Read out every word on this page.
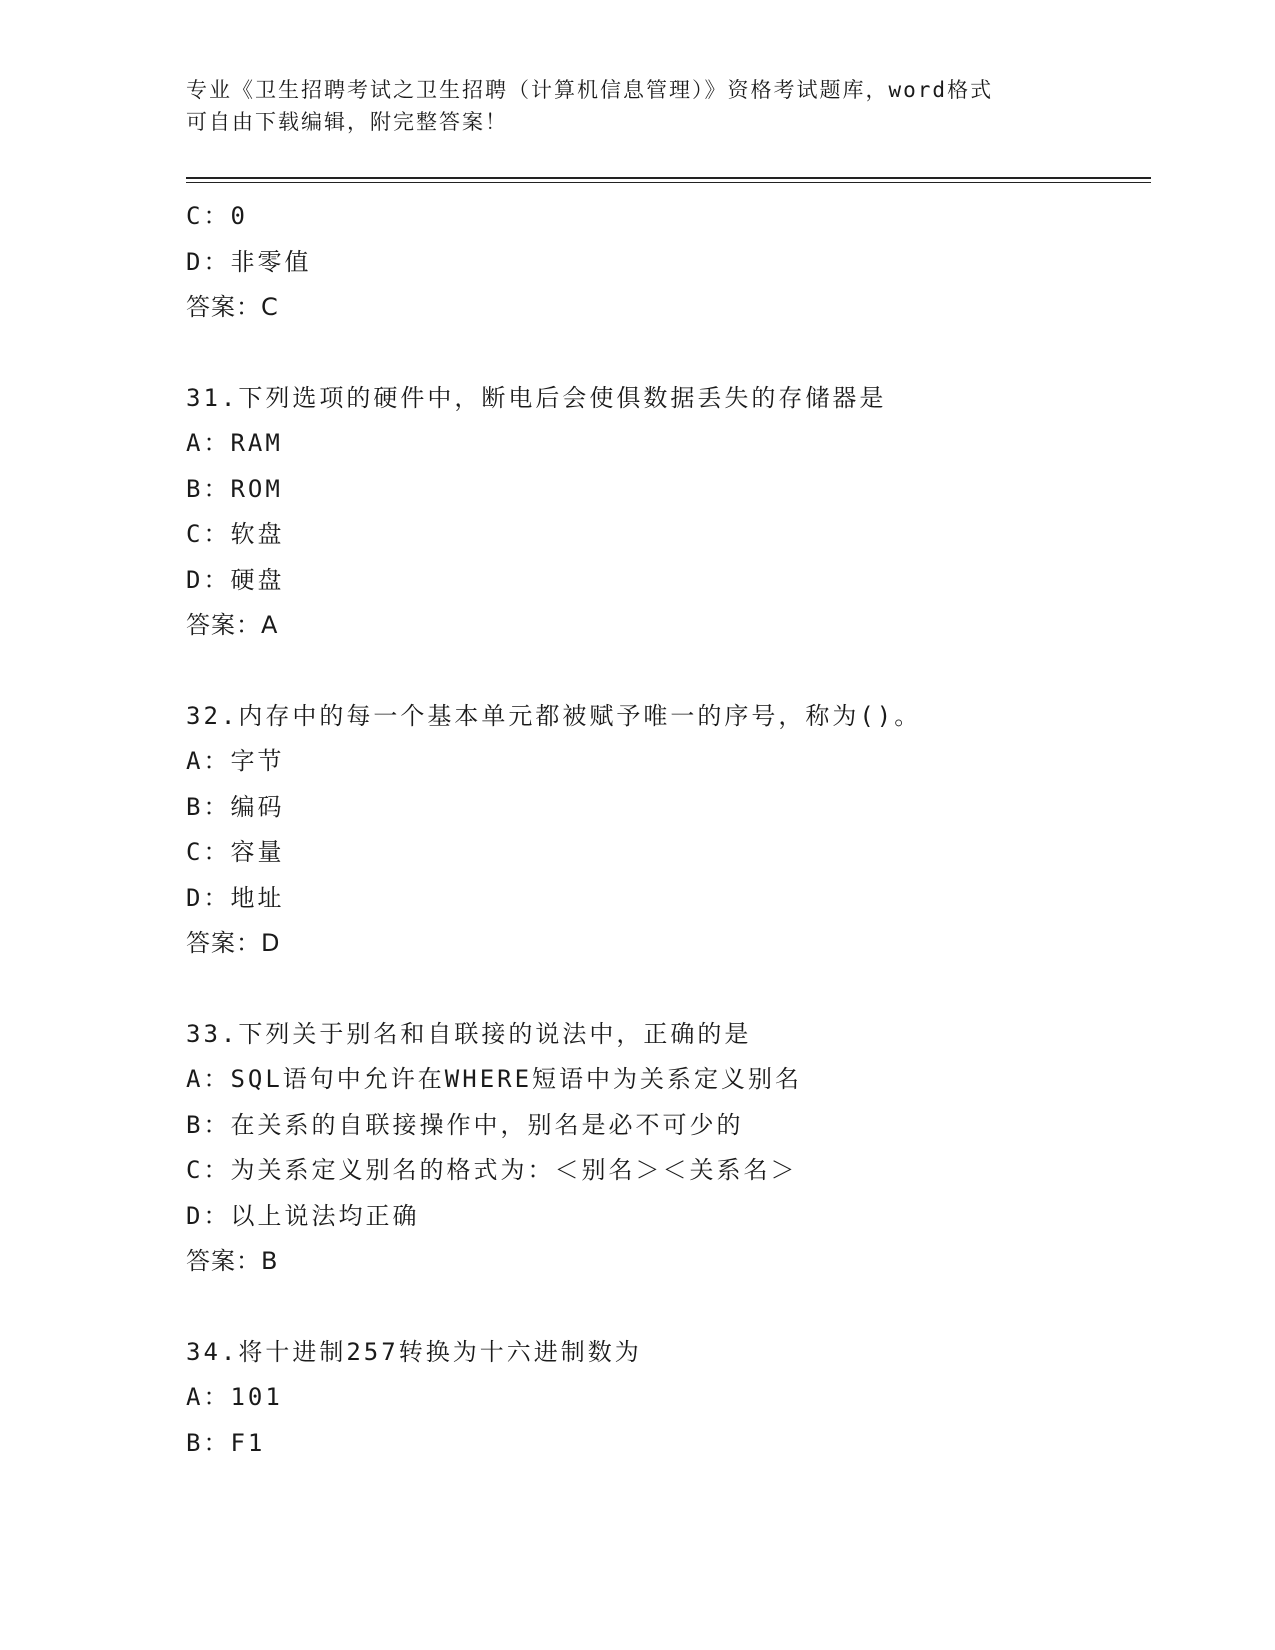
专业《卫生招聘考试之卫生招聘（计算机信息管理）》资格考试题库，word格式
可自由下载编辑，附完整答案！
C：0
D：非零值
答案：C
31.下列选项的硬件中，断电后会使俱数据丢失的存储器是
A：RAM
B：ROM
C：软盘
D：硬盘
答案：A
32.内存中的每一个基本单元都被赋予唯一的序号，称为()。
A：字节
B：编码
C：容量
D：地址
答案：D
33.下列关于别名和自联接的说法中，正确的是
A：SQL语句中允许在WHERE短语中为关系定义别名
B：在关系的自联接操作中，别名是必不可少的
C：为关系定义别名的格式为：＜别名＞＜关系名＞
D：以上说法均正确
答案：B
34.将十进制257转换为十六进制数为
A：101
B：F1
